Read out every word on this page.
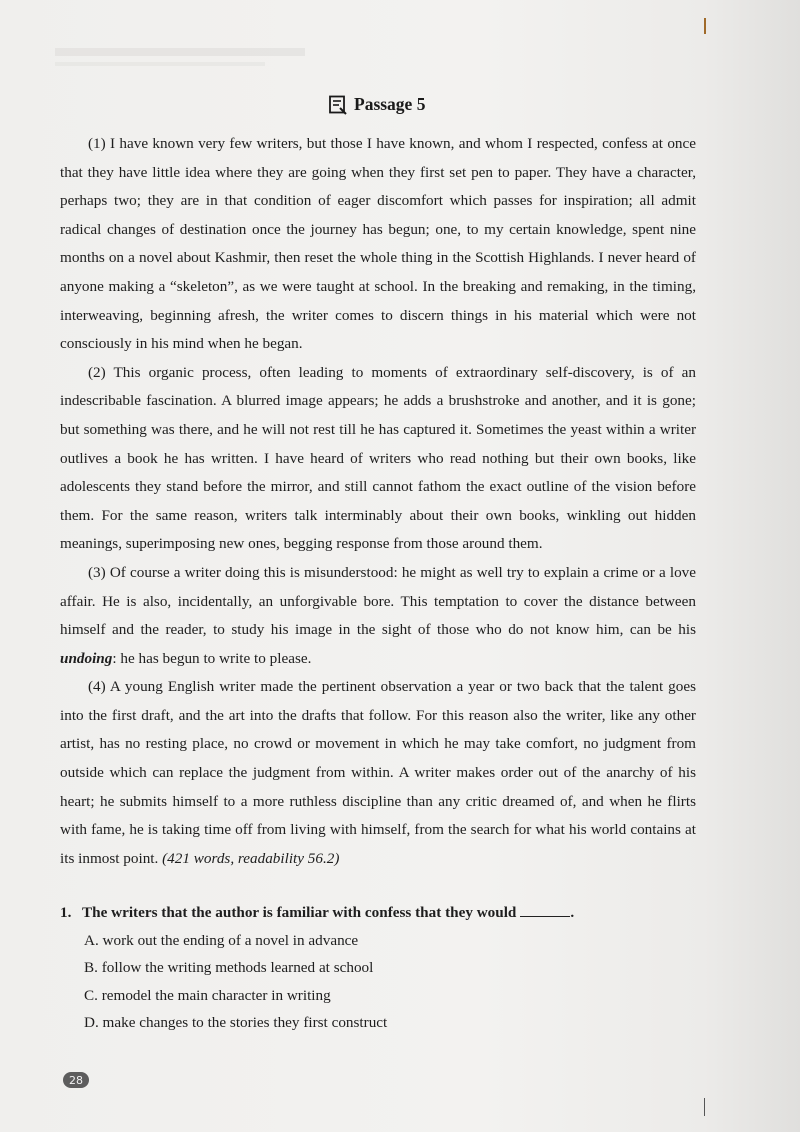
Passage 5

(1) I have known very few writers, but those I have known, and whom I respected, confess at once that they have little idea where they are going when they first set pen to paper. They have a character, perhaps two; they are in that condition of eager discomfort which passes for inspiration; all admit radical changes of destination once the journey has begun; one, to my certain knowledge, spent nine months on a novel about Kashmir, then reset the whole thing in the Scottish Highlands. I never heard of anyone making a “skeleton”, as we were taught at school. In the breaking and remaking, in the timing, interweaving, beginning afresh, the writer comes to discern things in his material which were not consciously in his mind when he began.

(2) This organic process, often leading to moments of extraordinary self-discovery, is of an indescribable fascination. A blurred image appears; he adds a brushstroke and another, and it is gone; but something was there, and he will not rest till he has captured it. Sometimes the yeast within a writer outlives a book he has written. I have heard of writers who read nothing but their own books, like adolescents they stand before the mirror, and still cannot fathom the exact outline of the vision before them. For the same reason, writers talk interminably about their own books, winkling out hidden meanings, superimposing new ones, begging response from those around them.

(3) Of course a writer doing this is misunderstood: he might as well try to explain a crime or a love affair. He is also, incidentally, an unforgivable bore. This temptation to cover the distance between himself and the reader, to study his image in the sight of those who do not know him, can be his undoing: he has begun to write to please.

(4) A young English writer made the pertinent observation a year or two back that the talent goes into the first draft, and the art into the drafts that follow. For this reason also the writer, like any other artist, has no resting place, no crowd or movement in which he may take comfort, no judgment from outside which can replace the judgment from within. A writer makes order out of the anarchy of his heart; he submits himself to a more ruthless discipline than any critic dreamed of, and when he flirts with fame, he is taking time off from living with himself, from the search for what his world contains at its inmost point. (421 words, readability 56.2)

1. The writers that the author is familiar with confess that they would	.
A. work out the ending of a novel in advance
B. follow the writing methods learned at school
C. remodel the main character in writing
D. make changes to the stories they first construct
28
